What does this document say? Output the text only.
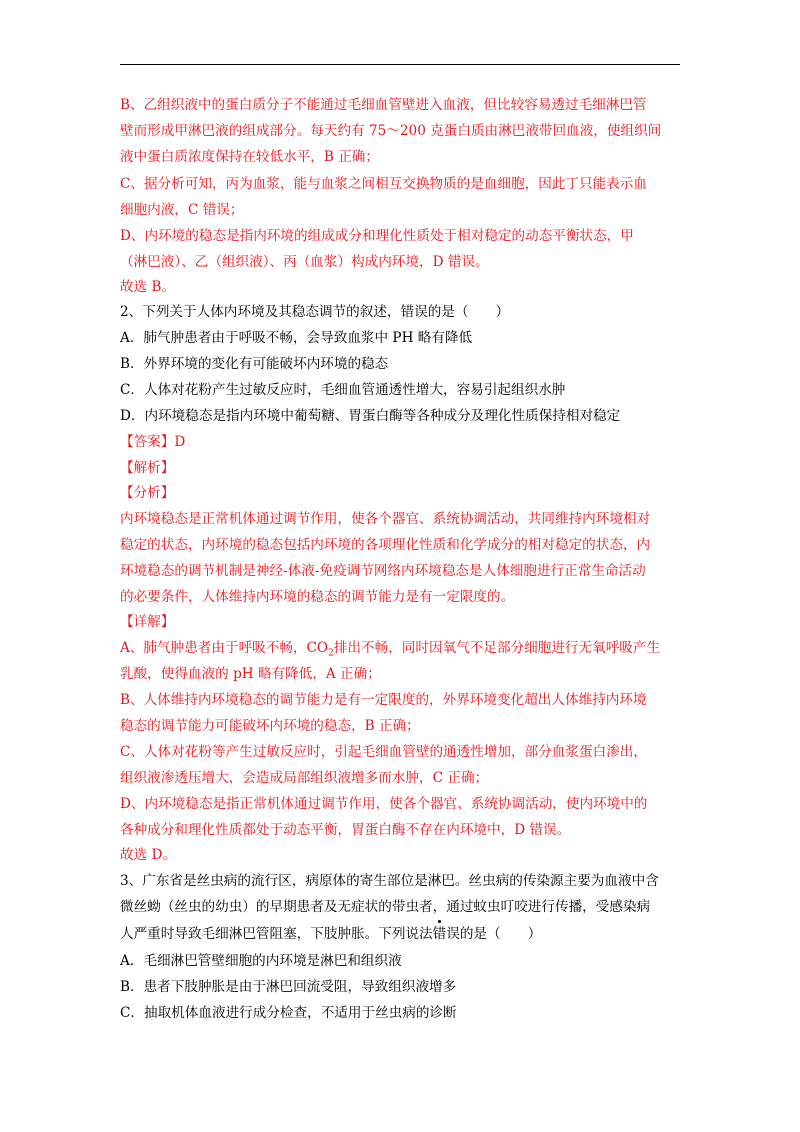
B、乙组织液中的蛋白质分子不能通过毛细血管壁进入血液，但比较容易透过毛细淋巴管
壁而形成甲淋巴液的组成部分。每天约有 75～200 克蛋白质由淋巴液带回血液，使组织间
液中蛋白质浓度保持在较低水平，B 正确；
C、据分析可知，丙为血浆，能与血浆之间相互交换物质的是血细胞，因此丁只能表示血
细胞内液，C 错误；
D、内环境的稳态是指内环境的组成成分和理化性质处于相对稳定的动态平衡状态，甲
（淋巴液）、乙（组织液）、丙（血浆）构成内环境，D 错误。
故选 B。
2、下列关于人体内环境及其稳态调节的叙述，错误的是（　　）
A．肺气肿患者由于呼吸不畅，会导致血浆中 PH 略有降低
B．外界环境的变化有可能破坏内环境的稳态
C．人体对花粉产生过敏反应时，毛细血管通透性增大，容易引起组织水肿
D．内环境稳态是指内环境中葡萄糖、胃蛋白酶等各种成分及理化性质保持相对稳定
【答案】D
【解析】
【分析】
内环境稳态是正常机体通过调节作用，使各个器官、系统协调活动，共同维持内环境相对
稳定的状态，内环境的稳态包括内环境的各项理化性质和化学成分的相对稳定的状态，内
环境稳态的调节机制是神经-体液-免疫调节网络内环境稳态是人体细胞进行正常生命活动
的必要条件，人体维持内环境的稳态的调节能力是有一定限度的。
【详解】
A、肺气肿患者由于呼吸不畅，$CO_2$排出不畅，同时因氧气不足部分细胞进行无氧呼吸产生
乳酸，使得血液的 pH 略有降低，A 正确；
B、人体维持内环境稳态的调节能力是有一定限度的，外界环境变化超出人体维持内环境
稳态的调节能力可能破坏内环境的稳态，B 正确；
C、人体对花粉等产生过敏反应时，引起毛细血管壁的通透性增加，部分血浆蛋白渗出，
组织液渗透压增大，会造成局部组织液增多而水肿，C 正确；
D、内环境稳态是指正常机体通过调节作用，使各个器官、系统协调活动，使内环境中的
各种成分和理化性质都处于动态平衡，胃蛋白酶不存在内环境中，D 错误。
故选 D。
3、广东省是丝虫病的流行区，病原体的寄生部位是淋巴。丝虫病的传染源主要为血液中含
微丝蚴（丝虫的幼虫）的早期患者及无症状的带虫者，通过蚊虫叮咬进行传播，受感染病
人严重时导致毛细淋巴管阻塞，下肢肿胀。下列说法错误的是（　　）
A．毛细淋巴管壁细胞的内环境是淋巴和组织液
B．患者下肢肿胀是由于淋巴回流受阻，导致组织液增多
C．抽取机体血液进行成分检查，不适用于丝虫病的诊断
